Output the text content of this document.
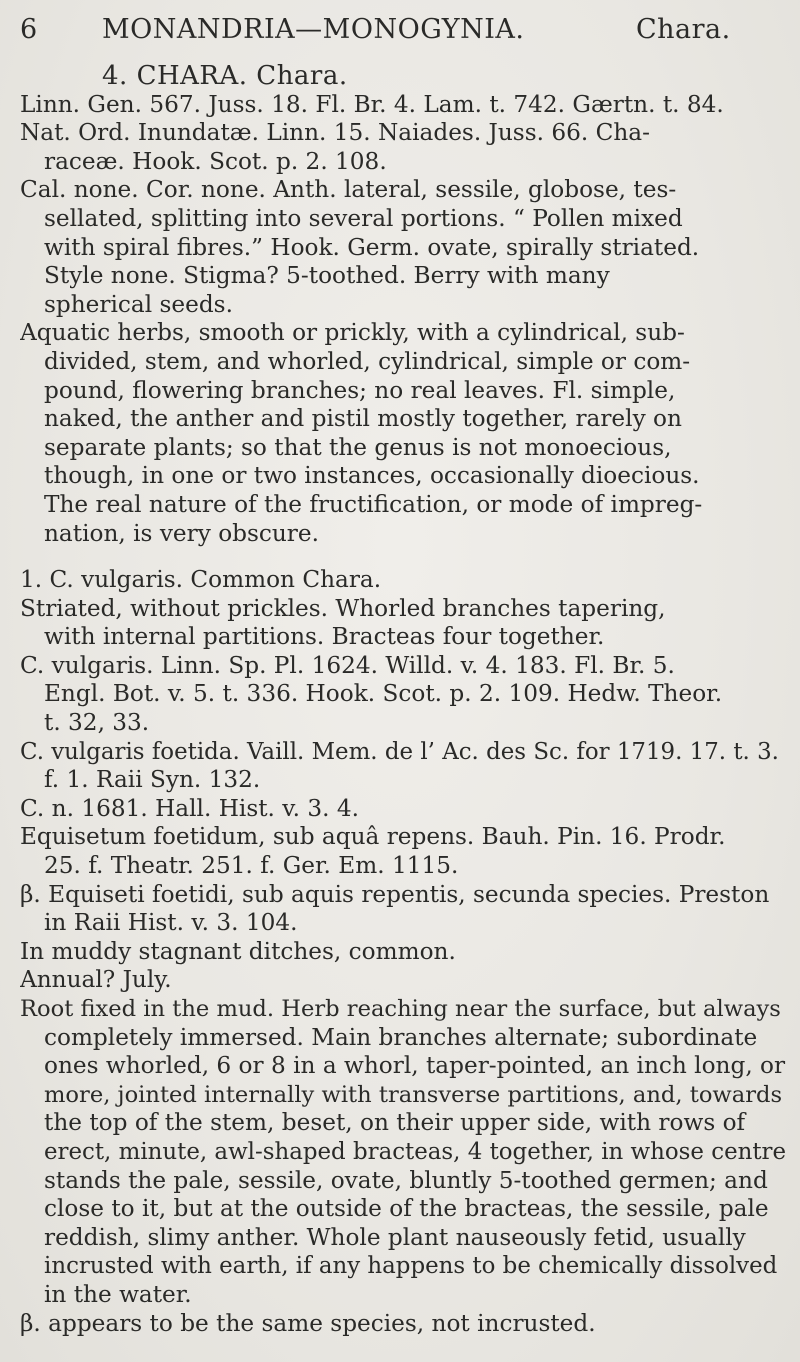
6 MONANDRIA—MONOGYNIA.	Chara.
4. CHARA. Chara.
Linn. Gen. 567. Juss. 18. Fl. Br. 4. Lam. t. 742. Gærtn. t. 84.
Nat. Ord. Inundatæ. Linn. 15. Naiades. Juss. 66. Cha-
raceæ. Hook. Scot. p. 2. 108.
Cal. none. Cor. none. Anth. lateral, sessile, globose, tes-
sellated, splitting into several portions. “ Pollen mixed
with spiral fibres.” Hook. Germ. ovate, spirally striated.
Style none. Stigma? 5-toothed. Berry with many
spherical seeds.
Aquatic herbs, smooth or prickly, with a cylindrical, sub-
divided, stem, and whorled, cylindrical, simple or com-
pound, flowering branches; no real leaves. Fl. simple,
naked, the anther and pistil mostly together, rarely on
separate plants; so that the genus is not monoecious,
though, in one or two instances, occasionally dioecious.
The real nature of the fructification, or mode of impreg-
nation, is very obscure.
1. C. vulgaris. Common Chara.
Striated, without prickles. Whorled branches tapering,
with internal partitions. Bracteas four together.
C. vulgaris. Linn. Sp. Pl. 1624. Willd. v. 4. 183. Fl. Br. 5.
Engl. Bot. v. 5. t. 336. Hook. Scot. p. 2. 109. Hedw. Theor.
t. 32, 33.
C. vulgaris foetida. Vaill. Mem. de l’ Ac. des Sc. for 1719. 17. t. 3.
f. 1. Raii Syn. 132.
C. n. 1681. Hall. Hist. v. 3. 4.
Equisetum foetidum, sub aquâ repens. Bauh. Pin. 16. Prodr.
25. f. Theatr. 251. f. Ger. Em. 1115.
β. Equiseti foetidi, sub aquis repentis, secunda species. Preston
in Raii Hist. v. 3. 104.
In muddy stagnant ditches, common.
Annual? July.
Root fixed in the mud. Herb reaching near the surface, but always
completely immersed. Main branches alternate; subordinate
ones whorled, 6 or 8 in a whorl, taper-pointed, an inch long, or
more, jointed internally with transverse partitions, and, towards
the top of the stem, beset, on their upper side, with rows of
erect, minute, awl-shaped bracteas, 4 together, in whose centre
stands the pale, sessile, ovate, bluntly 5-toothed germen; and
close to it, but at the outside of the bracteas, the sessile, pale
reddish, slimy anther. Whole plant nauseously fetid, usually
incrusted with earth, if any happens to be chemically dissolved
in the water.
β. appears to be the same species, not incrusted.
